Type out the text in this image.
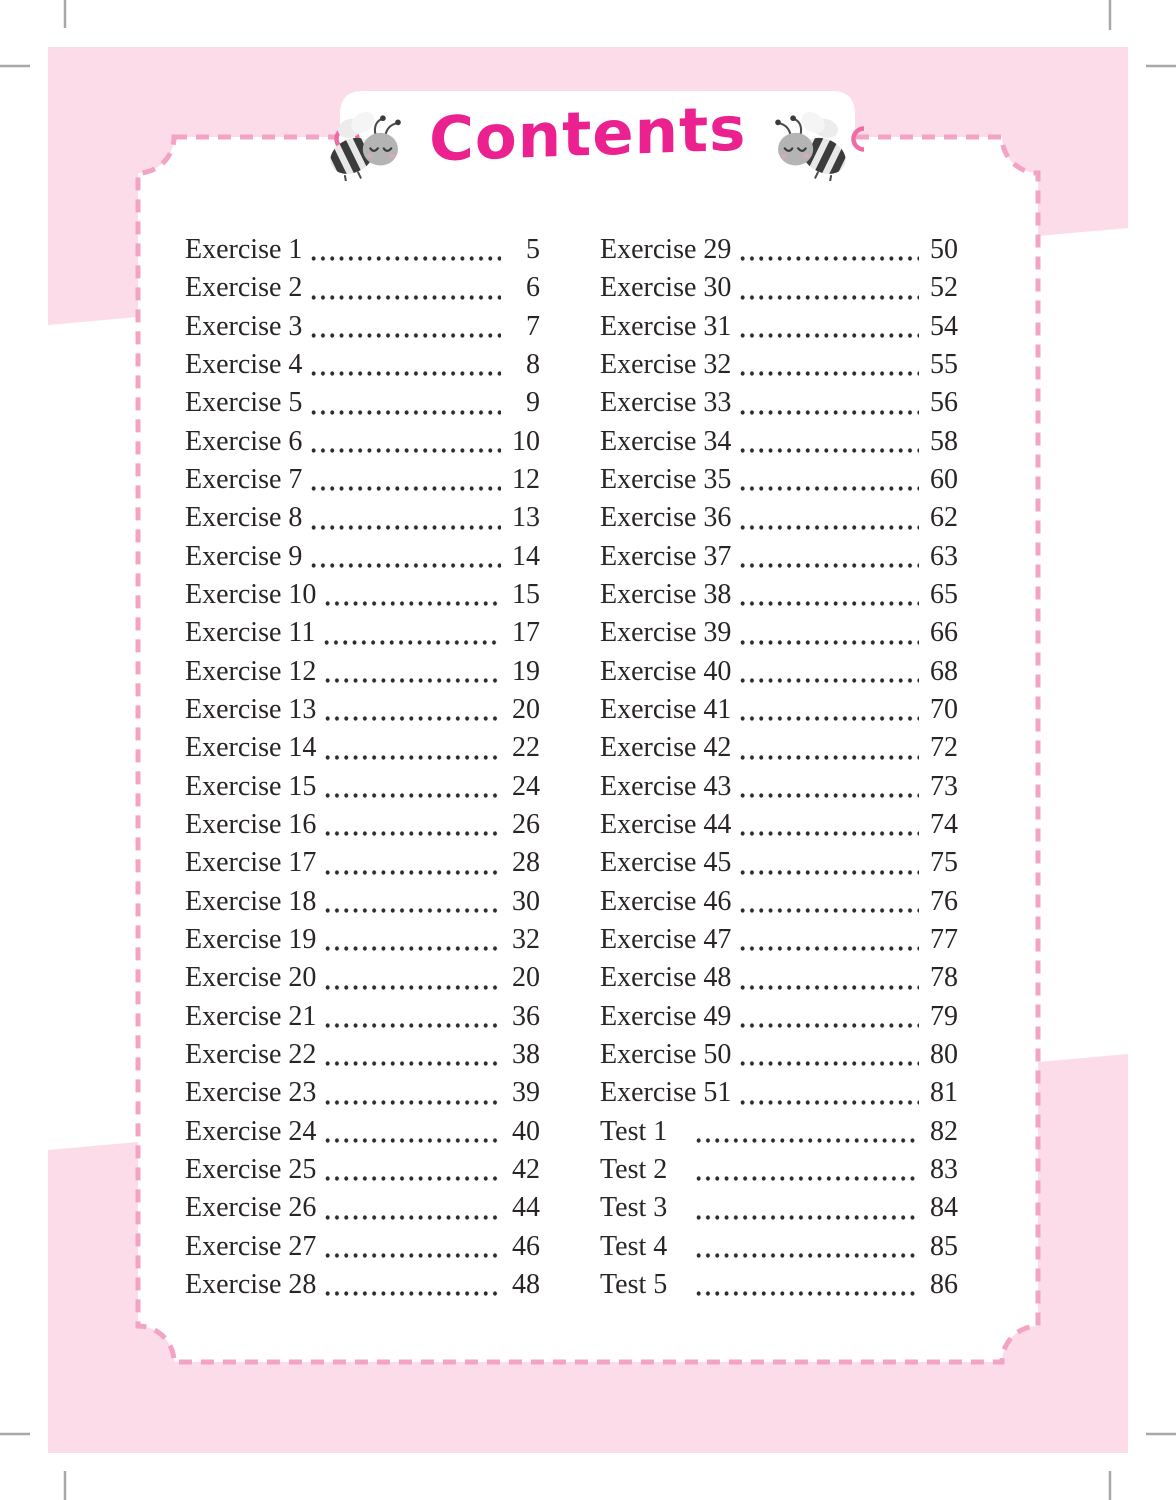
Contents
Exercise 1	5
Exercise 2	6
Exercise 3	7
Exercise 4	8
Exercise 5	9
Exercise 6	10
Exercise 7	12
Exercise 8	13
Exercise 9	14
Exercise 10	15
Exercise 11	17
Exercise 12	19
Exercise 13	20
Exercise 14	22
Exercise 15	24
Exercise 16	26
Exercise 17	28
Exercise 18	30
Exercise 19	32
Exercise 20	20
Exercise 21	36
Exercise 22	38
Exercise 23	39
Exercise 24	40
Exercise 25	42
Exercise 26	44
Exercise 27	46
Exercise 28	48
Exercise 29	50
Exercise 30	52
Exercise 31	54
Exercise 32	55
Exercise 33	56
Exercise 34	58
Exercise 35	60
Exercise 36	62
Exercise 37	63
Exercise 38	65
Exercise 39	66
Exercise 40	68
Exercise 41	70
Exercise 42	72
Exercise 43	73
Exercise 44	74
Exercise 45	75
Exercise 46	76
Exercise 47	77
Exercise 48	78
Exercise 49	79
Exercise 50	80
Exercise 51	81
Test 1	82
Test 2	83
Test 3	84
Test 4	85
Test 5	86
